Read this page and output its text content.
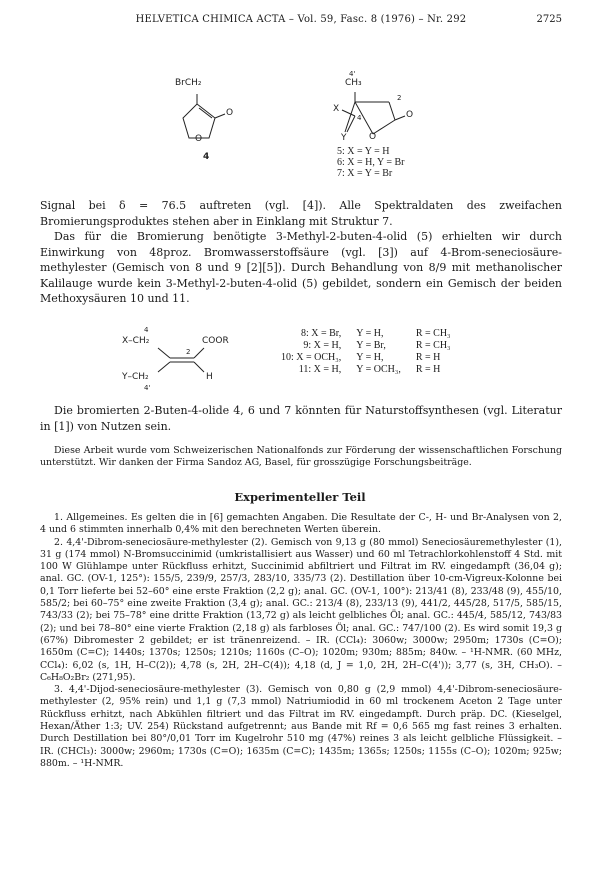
HELVETICA CHIMICA ACTA – Vol. 59, Fasc. 8 (1976) – Nr. 292	2725
BrCH₂
O
O
4
4'
CH₃
2
X
4
Y	O
O
5: X = Y = H
6: X = H, Y = Br
7: X = Y = Br

Signal bei δ = 76.5 auftreten (vgl. [4]). Alle Spektraldaten des zweifachen Bromierungsproduktes stehen aber in Einklang mit Struktur 7.

Das für die Bromierung benötigte 3-Methyl-2-buten-4-olid (5) erhielten wir durch Einwirkung von 48proz. Bromwasserstoffsäure (vgl. [3]) auf 4-Brom-seneciosäuremethylester (Gemisch von 8 und 9 [2][5]). Durch Behandlung von 8/9 mit methanolischer Kalilauge wurde kein 3-Methyl-2-buten-4-olid (5) gebildet, sondern ein Gemisch der beiden Methoxysäuren 10 und 11.

4
X–CH₂	COOR
2
Y–CH₂	H
4'
8: X = Br,	Y = H,	R = CH₃
9: X = H,	Y = Br,	R = CH₃
10: X = OCH₃,	Y = H,	R = H
11: X = H,	Y = OCH₃,	R = H

Die bromierten 2-Buten-4-olide 4, 6 und 7 könnten für Naturstoffsynthesen (vgl. Literatur in [1]) von Nutzen sein.

Diese Arbeit wurde vom Schweizerischen Nationalfonds zur Förderung der wissenschaftlichen Forschung unterstützt. Wir danken der Firma Sandoz AG, Basel, für grosszügige Forschungsbeiträge.

Experimenteller Teil

1. Allgemeines. Es gelten die in [6] gemachten Angaben. Die Resultate der C-, H- und Br-Analysen von 2, 4 und 6 stimmten innerhalb 0,4% mit den berechneten Werten überein.

2. 4,4'-Dibrom-seneciosäure-methylester (2). Gemisch von 9,13 g (80 mmol) Seneciosäuremethylester (1), 31 g (174 mmol) N-Bromsuccinimid (umkristallisiert aus Wasser) und 60 ml Tetrachlorkohlenstoff 4 Std. mit 100 W Glühlampe unter Rückfluss erhitzt, Succinimid abfiltriert und Filtrat im RV. eingedampft (36,04 g); anal. GC. (OV-1, 125°): 155/5, 239/9, 257/3, 283/10, 335/73 (2). Destillation über 10-cm-Vigreux-Kolonne bei 0,1 Torr lieferte bei 52–60° eine erste Fraktion (2,2 g); anal. GC. (OV-1, 100°): 213/41 (8), 233/48 (9), 455/10, 585/2; bei 60–75° eine zweite Fraktion (3,4 g); anal. GC.: 213/4 (8), 233/13 (9), 441/2, 445/28, 517/5, 585/15, 743/33 (2); bei 75–78° eine dritte Fraktion (13,72 g) als leicht gelbliches Öl; anal. GC.: 445/4, 585/12, 743/83 (2); und bei 78–80° eine vierte Fraktion (2,18 g) als farbloses Öl; anal. GC.: 747/100 (2). Es wird somit 19,3 g (67%) Dibromester 2 gebildet; er ist tränenreizend. – IR. (CCl₄): 3060w; 3000w; 2950m; 1730s (C=O); 1650m (C=C); 1440s; 1370s; 1250s; 1210s; 1160s (C–O); 1020m; 930m; 885m; 840w. – ¹H-NMR. (60 MHz, CCl₄): 6,02 (s, 1H, H–C(2)); 4,78 (s, 2H, 2H–C(4)); 4,18 (d, J = 1,0, 2H, 2H–C(4')); 3,77 (s, 3H, CH₃O). – C₆H₈O₂Br₂ (271,95).

3. 4,4'-Dijod-seneciosäure-methylester (3). Gemisch von 0,80 g (2,9 mmol) 4,4'-Dibrom-seneciosäure-methylester (2, 95% rein) und 1,1 g (7,3 mmol) Natriumiodid in 60 ml trockenem Aceton 2 Tage unter Rückfluss erhitzt, nach Abkühlen filtriert und das Filtrat im RV. eingedampft. Durch präp. DC. (Kieselgel, Hexan/Äther 1:3; UV. 254) Rückstand aufgetrennt; aus Bande mit Rf = 0,6 565 mg fast reines 3 erhalten. Durch Destillation bei 80°/0,01 Torr im Kugelrohr 510 mg (47%) reines 3 als leicht gelbliche Flüssigkeit. – IR. (CHCl₃): 3000w; 2960m; 1730s (C=O); 1635m (C=C); 1435m; 1365s; 1250s; 1155s (C–O); 1020m; 925w; 880m. – ¹H-NMR.
